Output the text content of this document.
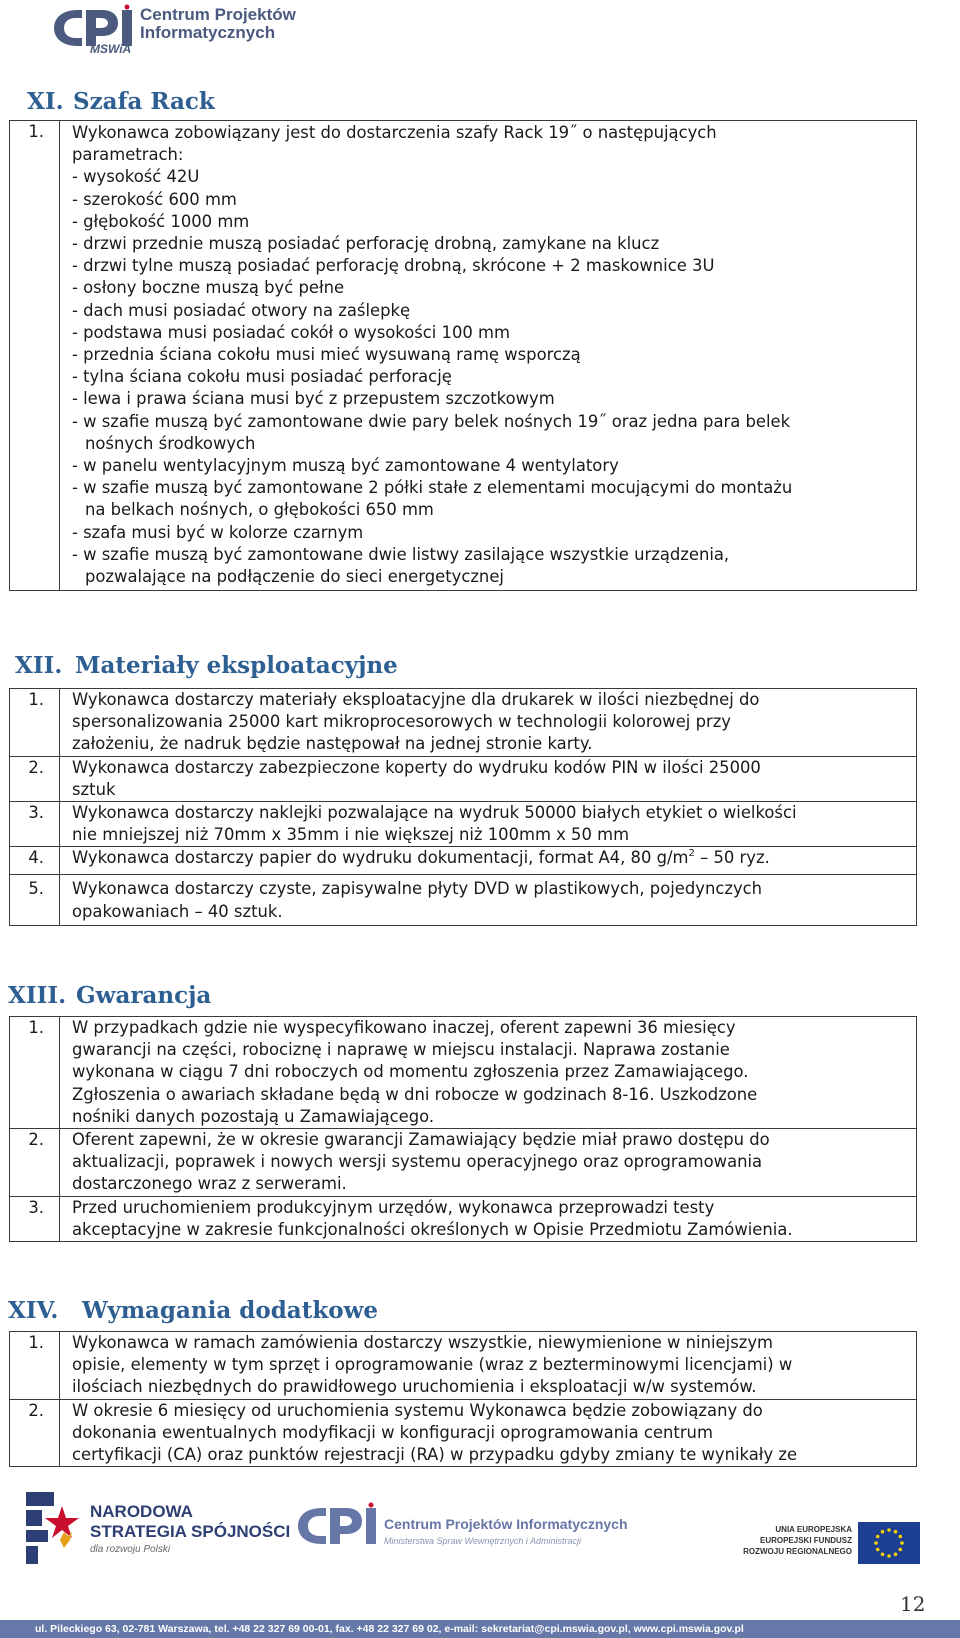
Centrum Projektów
Informatycznych
MSWiA
XI. Szafa Rack
1.	Wykonawca zobowiązany jest do dostarczenia szafy Rack 19˝ o następujących
parametrach:
- wysokość 42U
- szerokość 600 mm
- głębokość 1000 mm
- drzwi przednie muszą posiadać perforację drobną, zamykane na klucz
- drzwi tylne muszą posiadać perforację drobną, skrócone + 2 maskownice 3U
- osłony boczne muszą być pełne
- dach musi posiadać otwory na zaślepkę
- podstawa musi posiadać cokół o wysokości 100 mm
- przednia ściana cokołu musi mieć wysuwaną ramę wsporczą
- tylna ściana cokołu musi posiadać perforację
- lewa i prawa ściana musi być z przepustem szczotkowym
- w szafie muszą być zamontowane dwie pary belek nośnych 19˝ oraz jedna para belek
nośnych środkowych
- w panelu wentylacyjnym muszą być zamontowane 4 wentylatory
- w szafie muszą być zamontowane 2 półki stałe z elementami mocującymi do montażu
na belkach nośnych, o głębokości 650 mm
- szafa musi być w kolorze czarnym
- w szafie muszą być zamontowane dwie listwy zasilające wszystkie urządzenia,
pozwalające na podłączenie do sieci energetycznej
XII. Materiały eksploatacyjne
1.	Wykonawca dostarczy materiały eksploatacyjne dla drukarek w ilości niezbędnej do
spersonalizowania 25000 kart mikroprocesorowych w technologii kolorowej przy
założeniu, że nadruk będzie następował na jednej stronie karty.

2.	Wykonawca dostarczy zabezpieczone koperty do wydruku kodów PIN w ilości 25000
sztuk

3.	Wykonawca dostarczy naklejki pozwalające na wydruk 50000 białych etykiet o wielkości
nie mniejszej niż 70mm x 35mm i nie większej niż 100mm x 50 mm

4.	Wykonawca dostarczy papier do wydruku dokumentacji, format A4, 80 $g/m^2 - 50$ ryz.

5.	Wykonawca dostarczy czyste, zapisywalne płyty DVD w plastikowych, pojedynczych
opakowaniach – 40 sztuk.
XIII. Gwarancja
1.	W przypadkach gdzie nie wyspecyfikowano inaczej, oferent zapewni 36 miesięcy
gwarancji na części, robociznę i naprawę w miejscu instalacji. Naprawa zostanie
wykonana w ciągu 7 dni roboczych od momentu zgłoszenia przez Zamawiającego.
Zgłoszenia o awariach składane będą w dni robocze w godzinach 8-16. Uszkodzone
nośniki danych pozostają u Zamawiającego.

2.	Oferent zapewni, że w okresie gwarancji Zamawiający będzie miał prawo dostępu do
aktualizacji, poprawek i nowych wersji systemu operacyjnego oraz oprogramowania
dostarczonego wraz z serwerami.

3.	Przed uruchomieniem produkcyjnym urzędów, wykonawca przeprowadzi testy
akceptacyjne w zakresie funkcjonalności określonych w Opisie Przedmiotu Zamówienia.
XIV. Wymagania dodatkowe
1.	Wykonawca w ramach zamówienia dostarczy wszystkie, niewymienione w niniejszym
opisie, elementy w tym sprzęt i oprogramowanie (wraz z bezterminowymi licencjami) w
ilościach niezbędnych do prawidłowego uruchomienia i eksploatacji w/w systemów.

2.	W okresie 6 miesięcy od uruchomienia systemu Wykonawca będzie zobowiązany do
dokonania ewentualnych modyfikacji w konfiguracji oprogramowania centrum
certyfikacji (CA) oraz punktów rejestracji (RA) w przypadku gdyby zmiany te wynikały ze
NARODOWA
STRATEGIA SPÓJNOŚCI
dla rozwoju Polski
Centrum Projektów Informatycznych
Ministerstwa Spraw Wewnętrznych i Administracji
UNIA EUROPEJSKA
EUROPEJSKI FUNDUSZ
ROZWOJU REGIONALNEGO
12
ul. Pileckiego 63, 02-781 Warszawa, tel. +48 22 327 69 00-01, fax. +48 22 327 69 02, e-mail: sekretariat@cpi.mswia.gov.pl, www.cpi.mswia.gov.pl
